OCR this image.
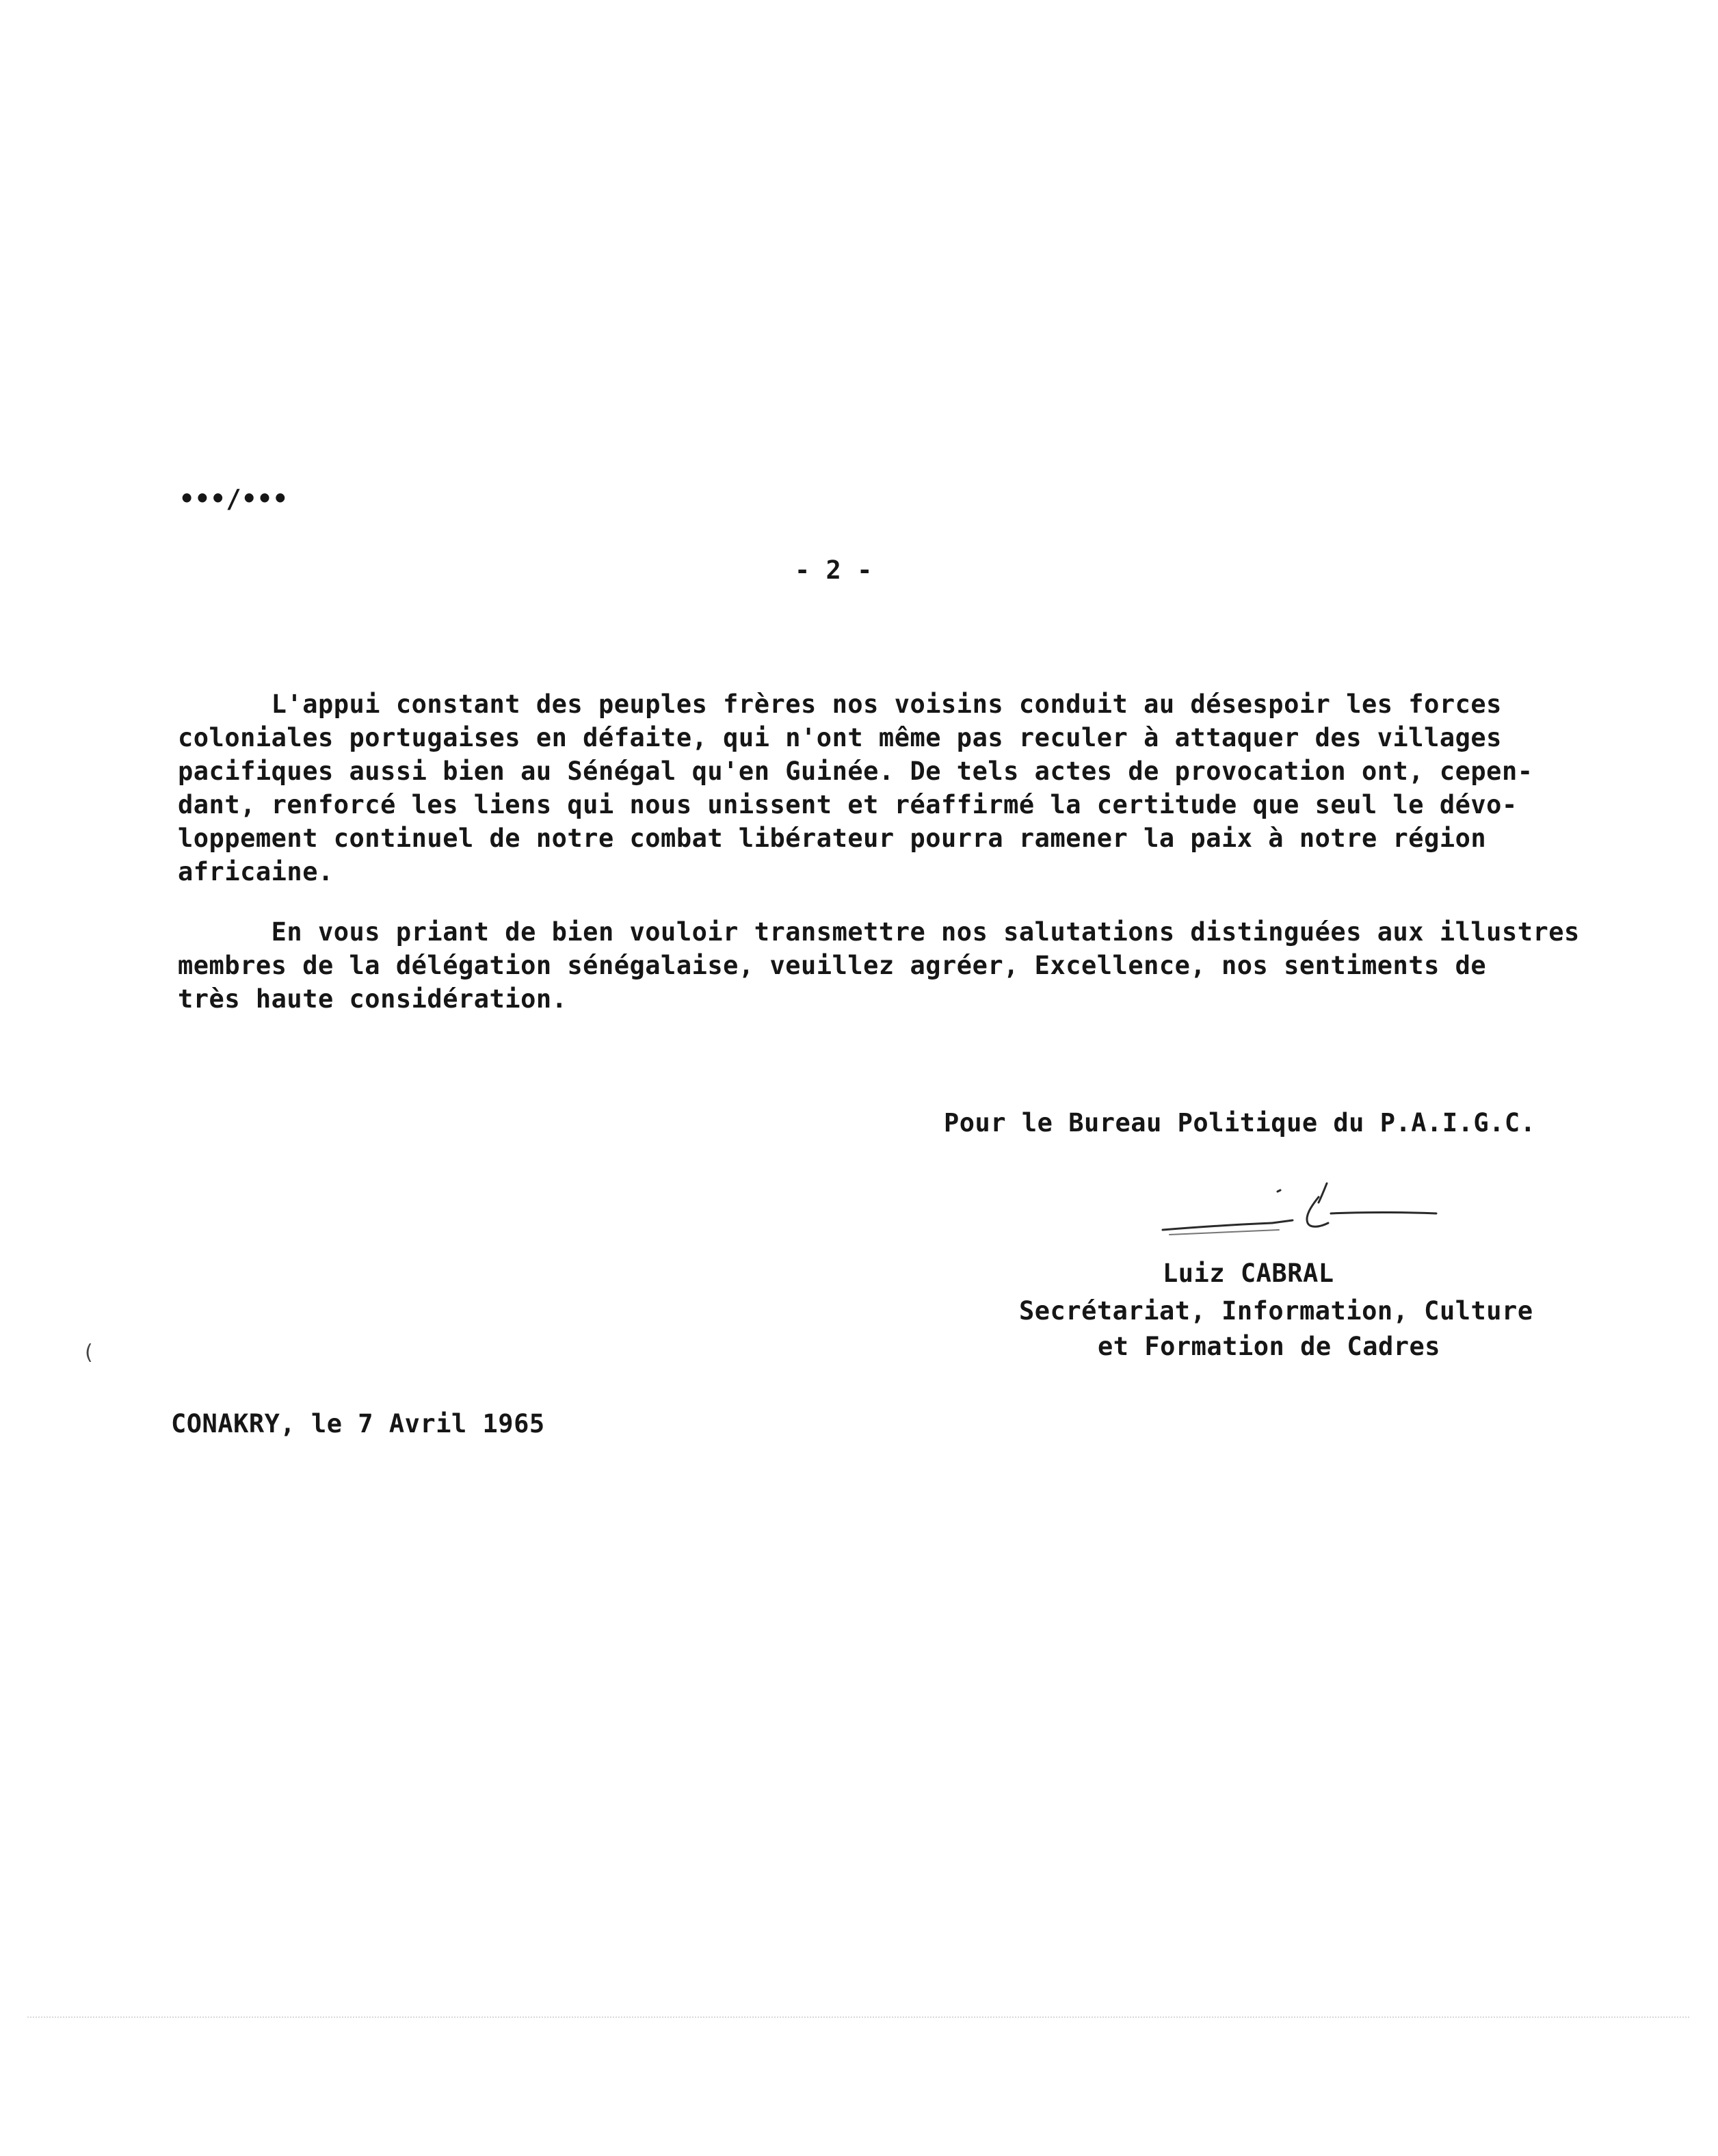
•••/•••
- 2 -
L'appui constant des peuples frères nos voisins conduit au désespoir les forces
coloniales portugaises en défaite, qui n'ont même pas reculer à attaquer des villages
pacifiques aussi bien au Sénégal qu'en Guinée. De tels actes de provocation ont, cepen-
dant, renforcé les liens qui nous unissent et réaffirmé la certitude que seul le dévo-
loppement continuel de notre combat libérateur pourra ramener la paix à notre région
africaine.
En vous priant de bien vouloir transmettre nos salutations distinguées aux illustres
membres de la délégation sénégalaise, veuillez agréer, Excellence, nos sentiments de
très haute considération.
Pour le Bureau Politique du P.A.I.G.C.
Luiz CABRAL
Secrétariat, Information, Culture
et Formation de Cadres
CONAKRY, le 7 Avril 1965
(
